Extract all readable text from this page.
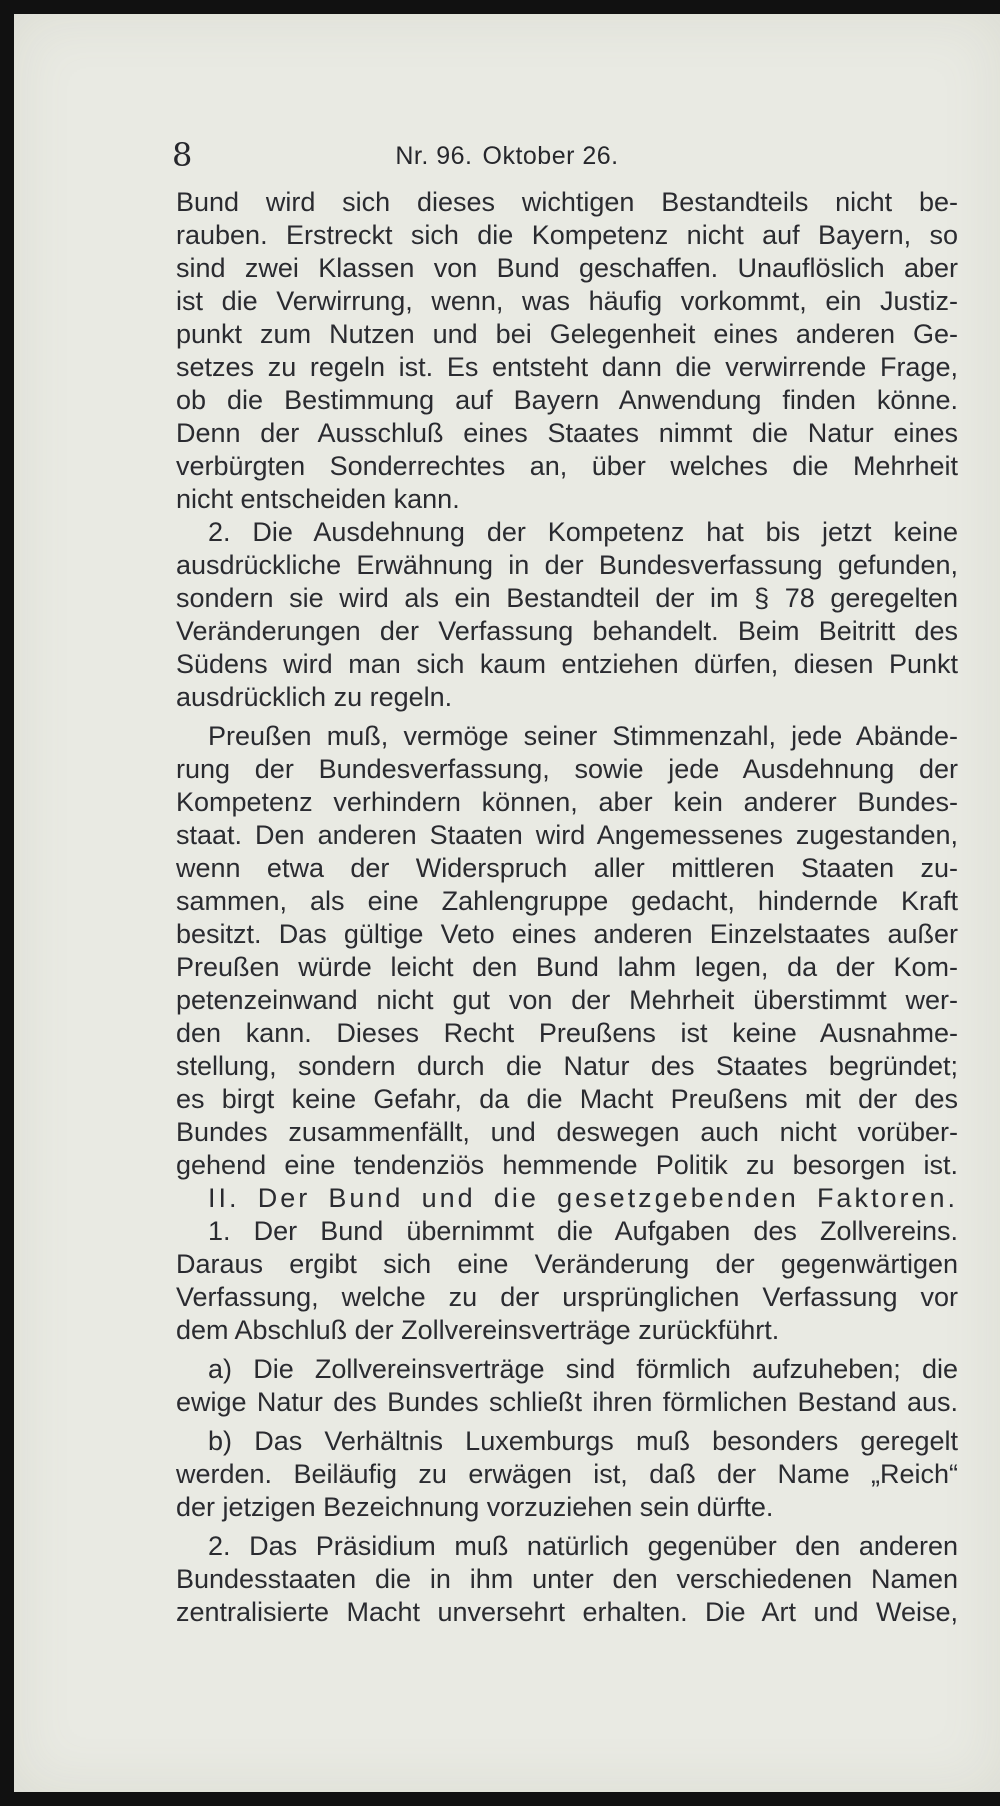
8	Nr. 96. Oktober 26.
Bund wird sich dieses wichtigen Bestandteils nicht be-
rauben. Erstreckt sich die Kompetenz nicht auf Bayern, so
sind zwei Klassen von Bund geschaffen. Unauflöslich aber
ist die Verwirrung, wenn, was häufig vorkommt, ein Justiz-
punkt zum Nutzen und bei Gelegenheit eines anderen Ge-
setzes zu regeln ist. Es entsteht dann die verwirrende Frage,
ob die Bestimmung auf Bayern Anwendung finden könne.
Denn der Ausschluß eines Staates nimmt die Natur eines
verbürgten Sonderrechtes an, über welches die Mehrheit
nicht entscheiden kann.
2. Die Ausdehnung der Kompetenz hat bis jetzt keine
ausdrückliche Erwähnung in der Bundesverfassung gefunden,
sondern sie wird als ein Bestandteil der im § 78 geregelten
Veränderungen der Verfassung behandelt. Beim Beitritt des
Südens wird man sich kaum entziehen dürfen, diesen Punkt
ausdrücklich zu regeln.
Preußen muß, vermöge seiner Stimmenzahl, jede Abände-
rung der Bundesverfassung, sowie jede Ausdehnung der
Kompetenz verhindern können, aber kein anderer Bundes-
staat. Den anderen Staaten wird Angemessenes zugestanden,
wenn etwa der Widerspruch aller mittleren Staaten zu-
sammen, als eine Zahlengruppe gedacht, hindernde Kraft
besitzt. Das gültige Veto eines anderen Einzelstaates außer
Preußen würde leicht den Bund lahm legen, da der Kom-
petenzeinwand nicht gut von der Mehrheit überstimmt wer-
den kann. Dieses Recht Preußens ist keine Ausnahme-
stellung, sondern durch die Natur des Staates begründet;
es birgt keine Gefahr, da die Macht Preußens mit der des
Bundes zusammenfällt, und deswegen auch nicht vorüber-
gehend eine tendenziös hemmende Politik zu besorgen ist.
II. Der Bund und die gesetzgebenden Faktoren.
1. Der Bund übernimmt die Aufgaben des Zollvereins.
Daraus ergibt sich eine Veränderung der gegenwärtigen
Verfassung, welche zu der ursprünglichen Verfassung vor
dem Abschluß der Zollvereinsverträge zurückführt.
a) Die Zollvereinsverträge sind förmlich aufzuheben; die
ewige Natur des Bundes schließt ihren förmlichen Bestand aus.
b) Das Verhältnis Luxemburgs muß besonders geregelt
werden. Beiläufig zu erwägen ist, daß der Name „Reich“
der jetzigen Bezeichnung vorzuziehen sein dürfte.
2. Das Präsidium muß natürlich gegenüber den anderen
Bundesstaaten die in ihm unter den verschiedenen Namen
zentralisierte Macht unversehrt erhalten. Die Art und Weise,
